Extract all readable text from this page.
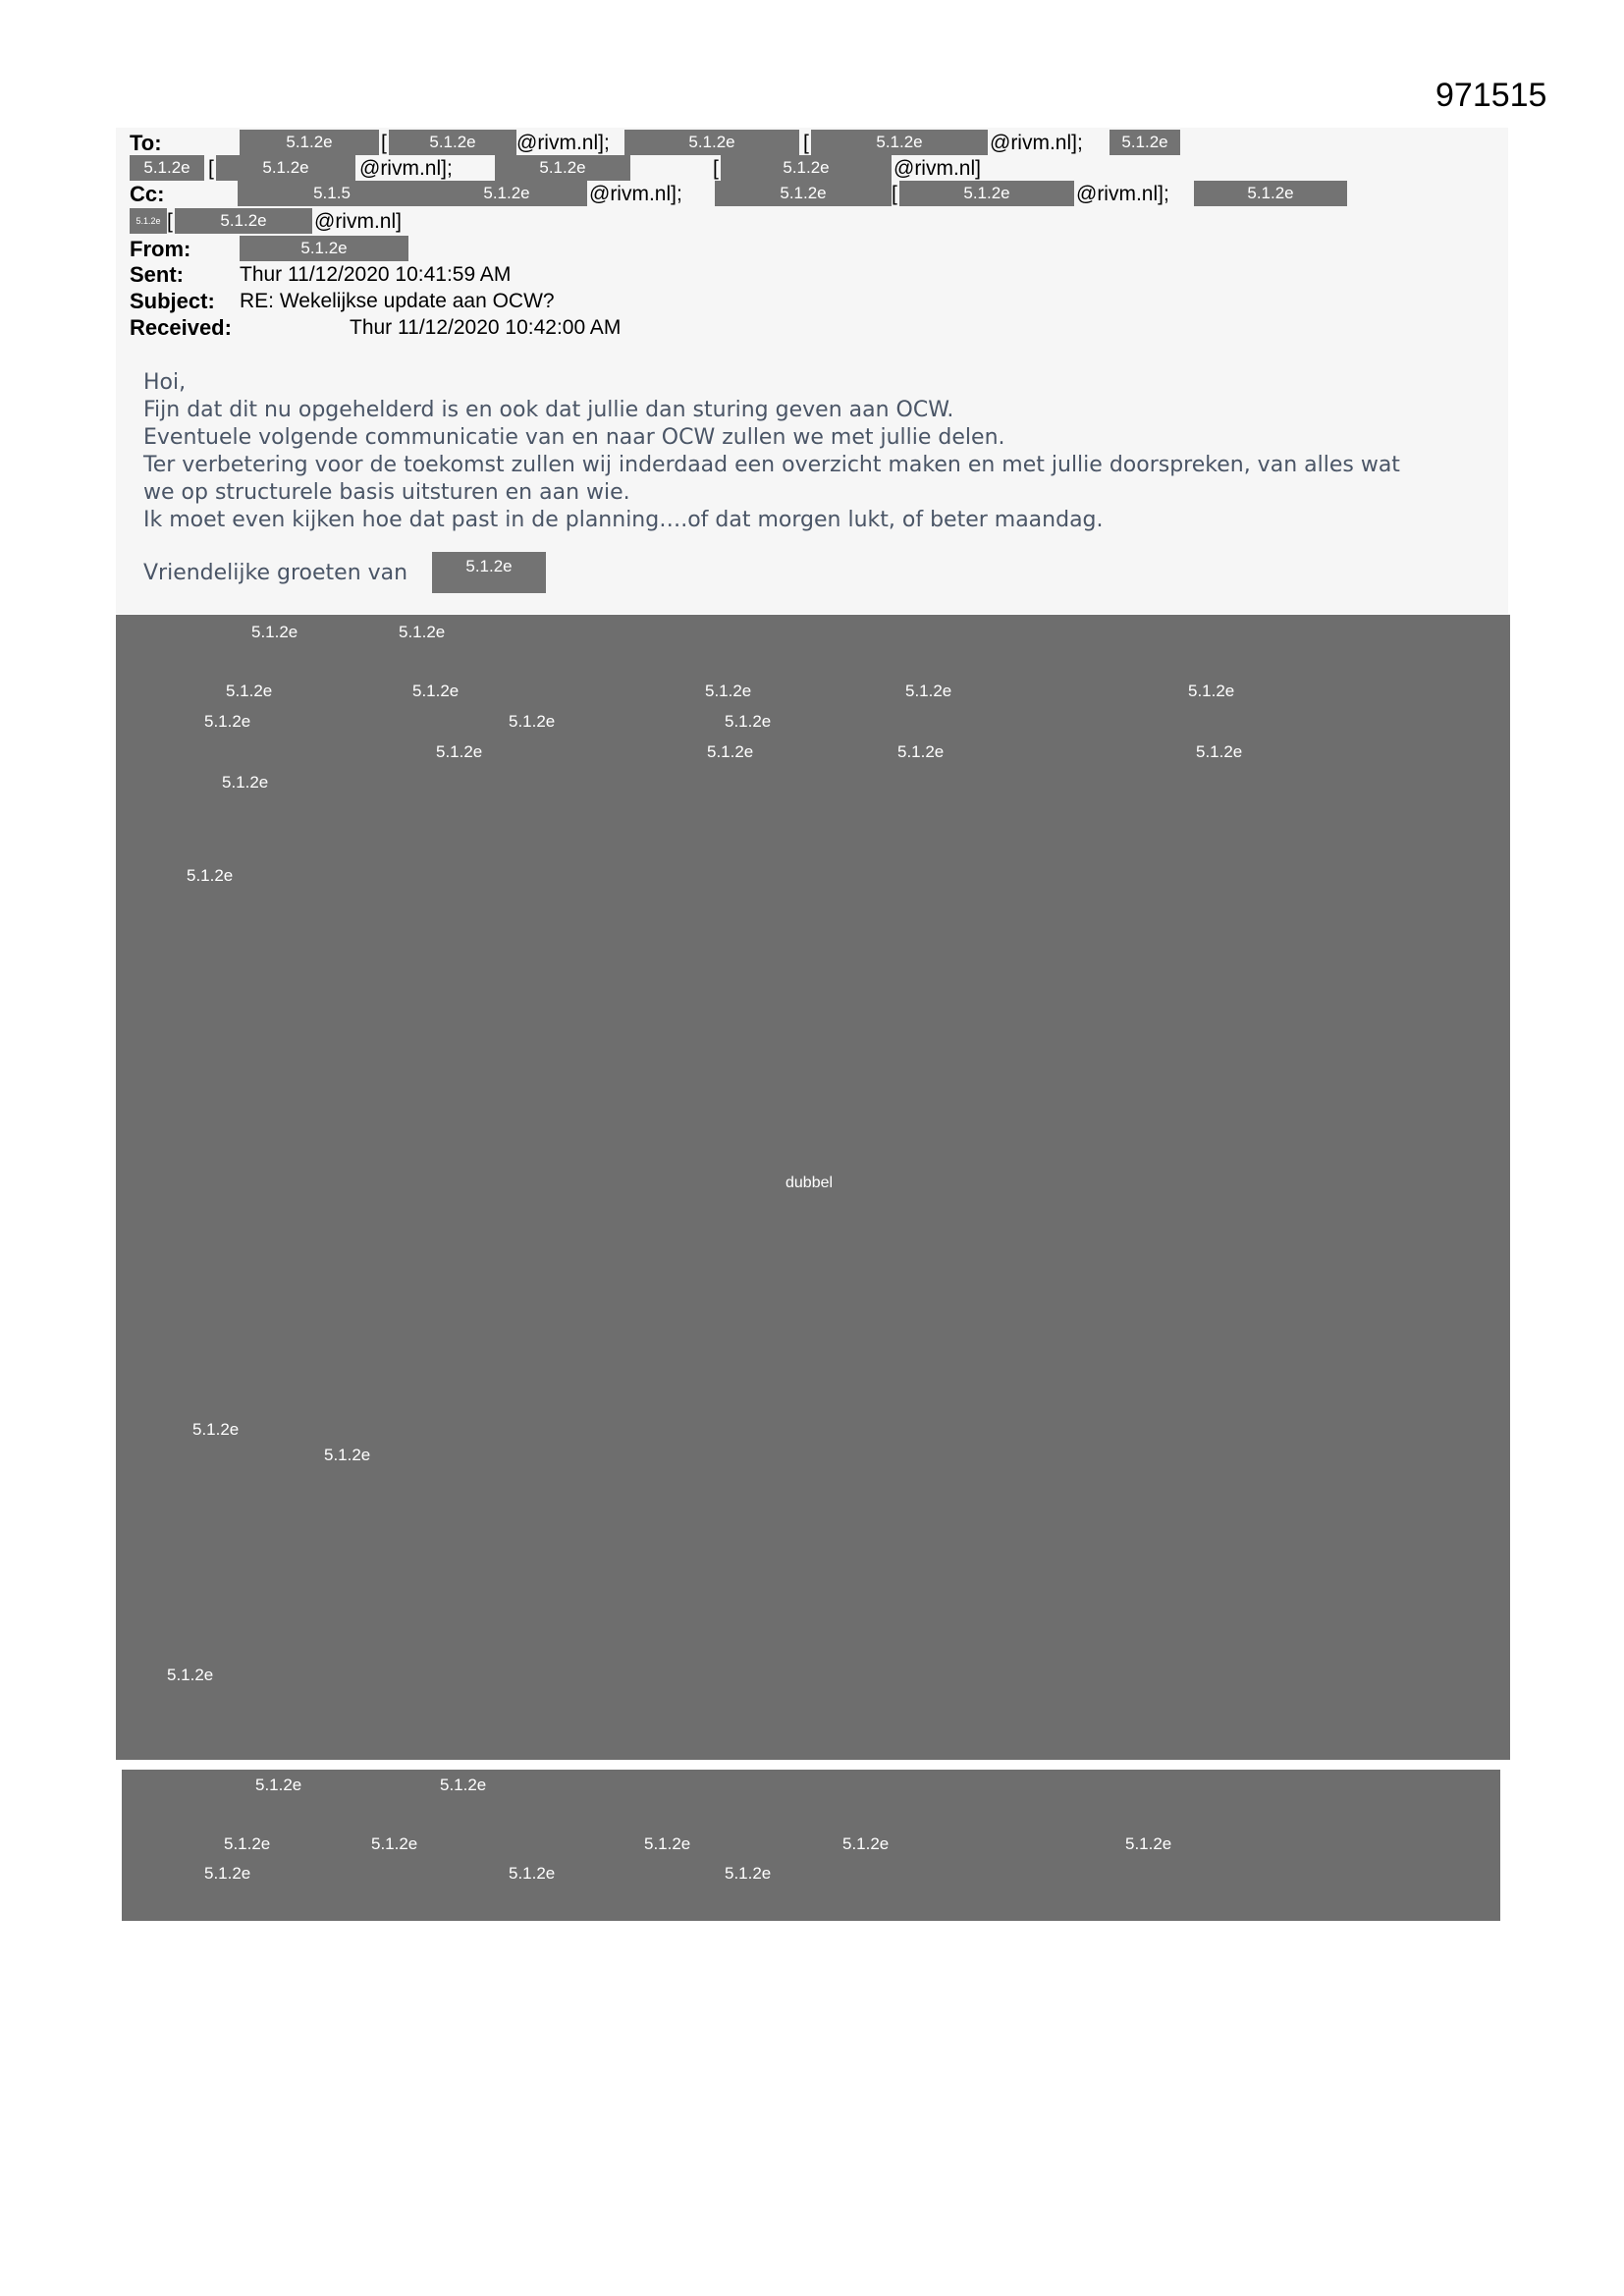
971515
To:	5.1.2e	[	5.1.2e	@rivm.nl];	5.1.2e	[	5.1.2e	@rivm.nl];	5.1.2e
5.1.2e [	5.1.2e	@rivm.nl];	5.1.2e	[	5.1.2e	@rivm.nl]
Cc:	5.1.5	5.1.2e	@rivm.nl];	5.1.2e	[	5.1.2e	@rivm.nl];	5.1.2e
5.1.2e [	5.1.2e	@rivm.nl]
From:	5.1.2e
Sent:	Thur 11/12/2020 10:41:59 AM
Subject: RE: Wekelijkse update aan OCW?
Received:	Thur 11/12/2020 10:42:00 AM
Hoi,
Fijn dat dit nu opgehelderd is en ook dat jullie dan sturing geven aan OCW.
Eventuele volgende communicatie van en naar OCW zullen we met jullie delen.
Ter verbetering voor de toekomst zullen wij inderdaad een overzicht maken en met jullie doorspreken, van alles wat
we op structurele basis uitsturen en aan wie.
Ik moet even kijken hoe dat past in de planning….of dat morgen lukt, of beter maandag.
Vriendelijke groeten van	5.1.2e
5.1.2e	5.1.2e
5.1.2e	5.1.2e	5.1.2e	5.1.2e	5.1.2e
5.1.2e	5.1.2e	5.1.2e
5.1.2e	5.1.2e	5.1.2e	5.1.2e
5.1.2e
5.1.2e
dubbel
5.1.2e
5.1.2e
5.1.2e
5.1.2e	5.1.2e
5.1.2e	5.1.2e	5.1.2e	5.1.2e	5.1.2e
5.1.2e	5.1.2e	5.1.2e
